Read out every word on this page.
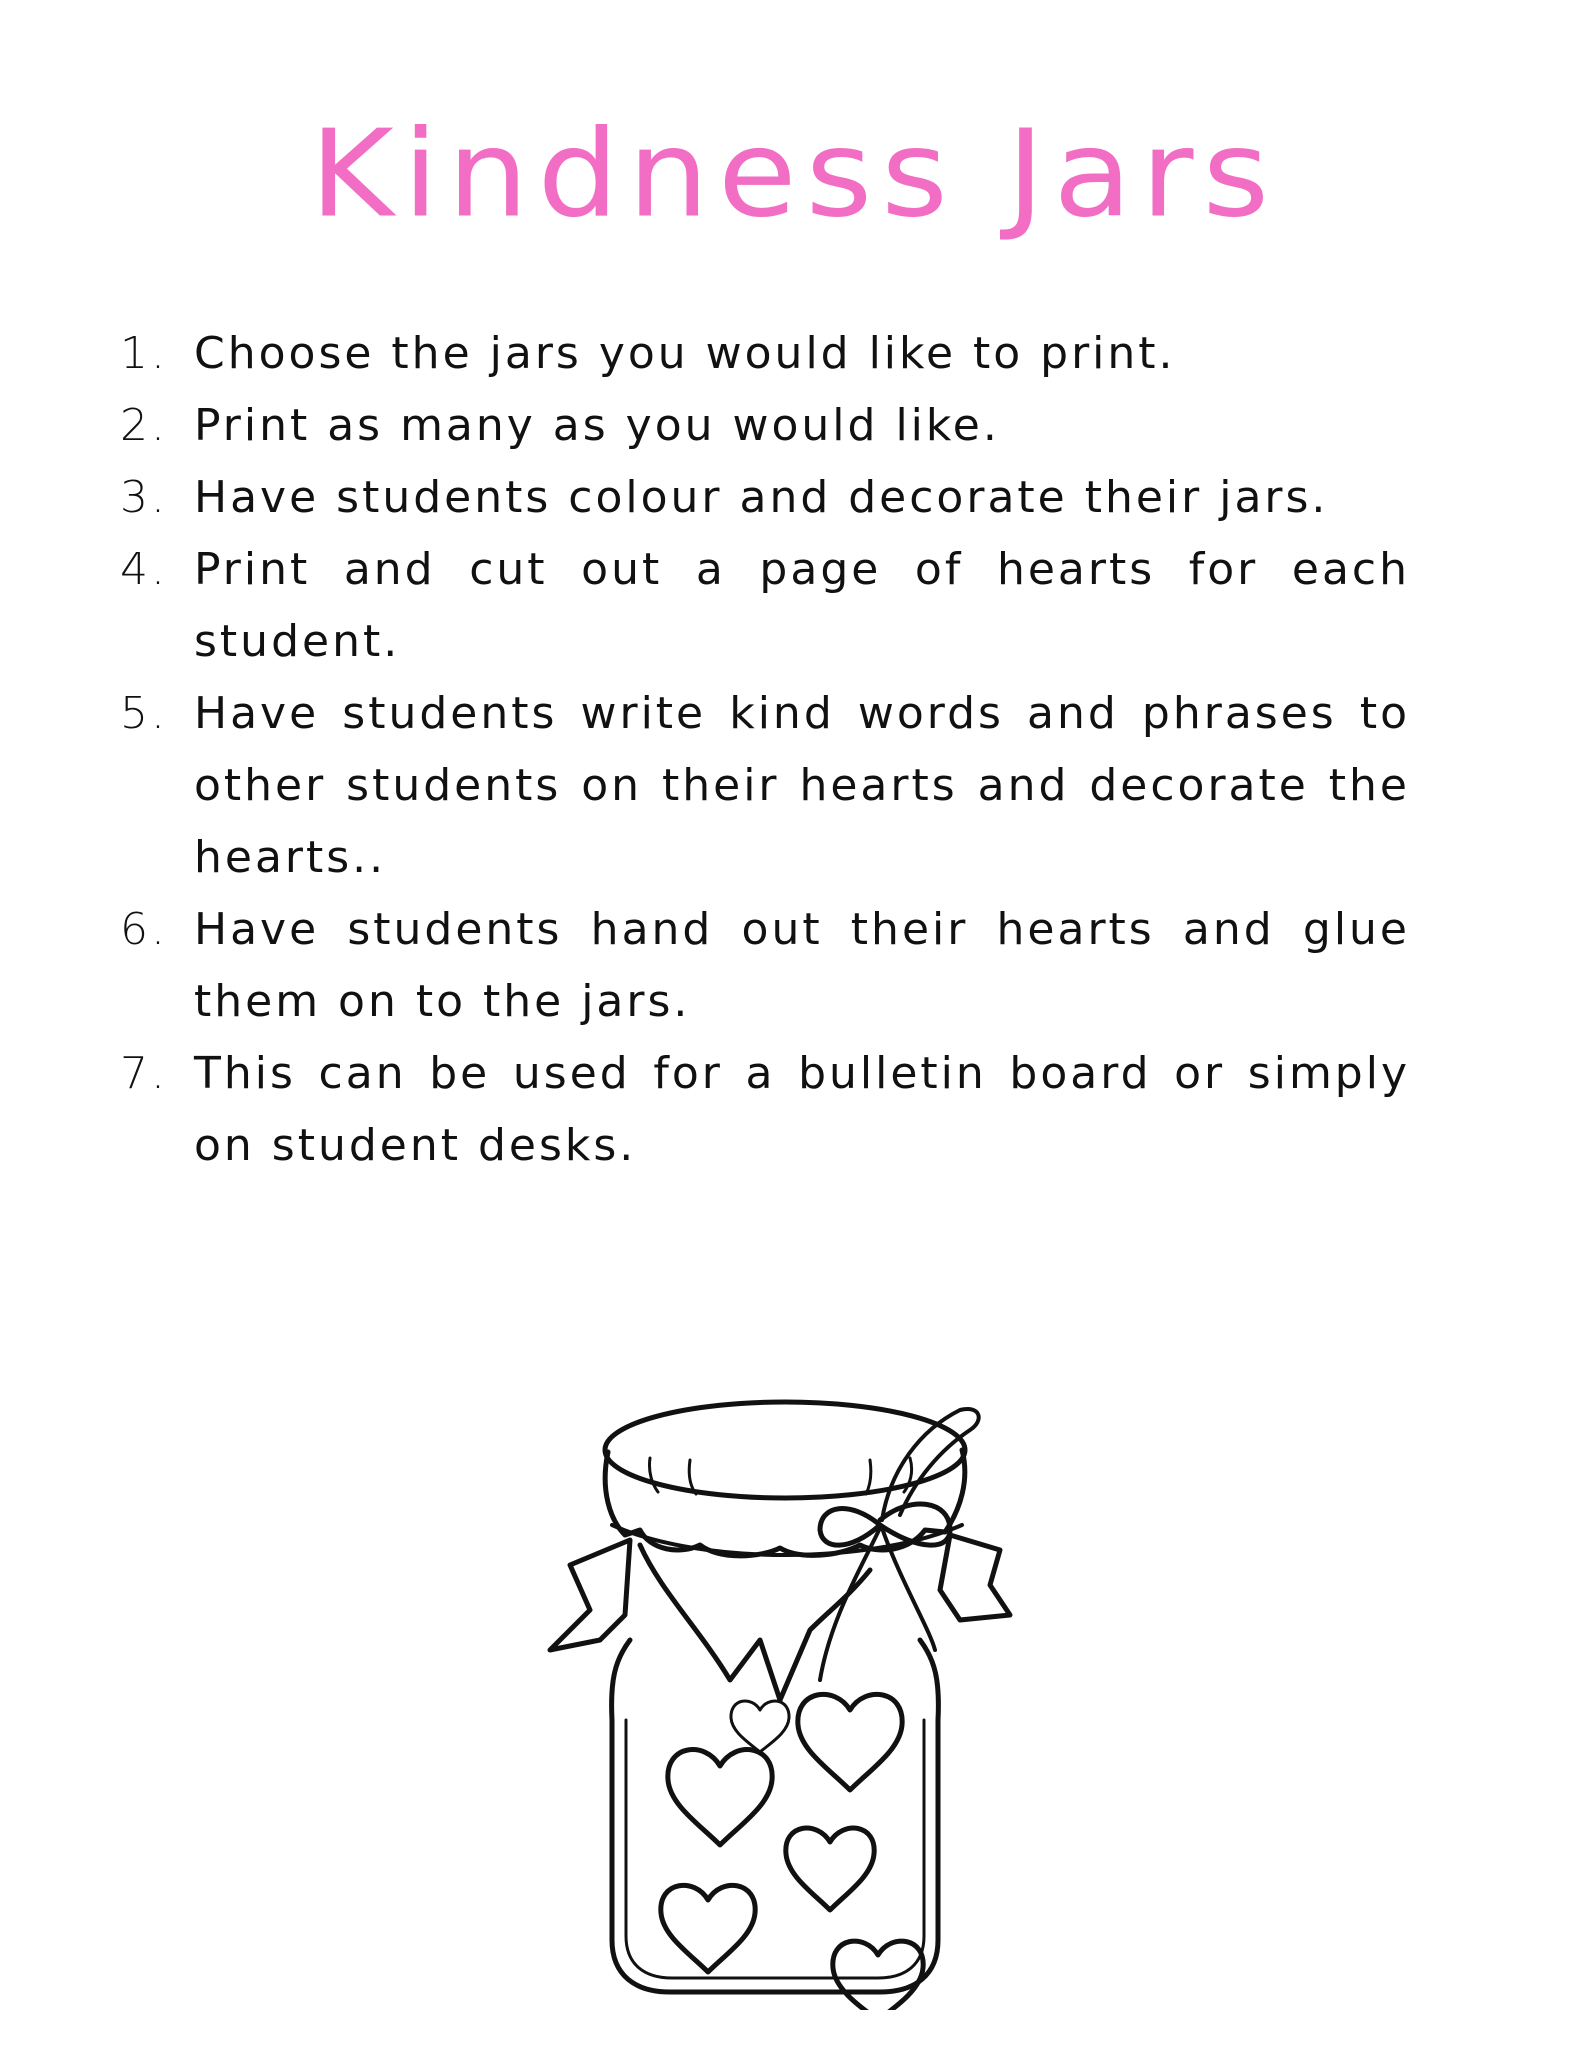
Kindness Jars
1. Choose the jars you would like to print.
2. Print as many as you would like.
3. Have students colour and decorate their jars.
4. Print and cut out a page of hearts for each student.
5. Have students write kind words and phrases to other students on their hearts and decorate the hearts..
6. Have students hand out their hearts and glue them on to the jars.
7. This can be used for a bulletin board or simply on student desks.
